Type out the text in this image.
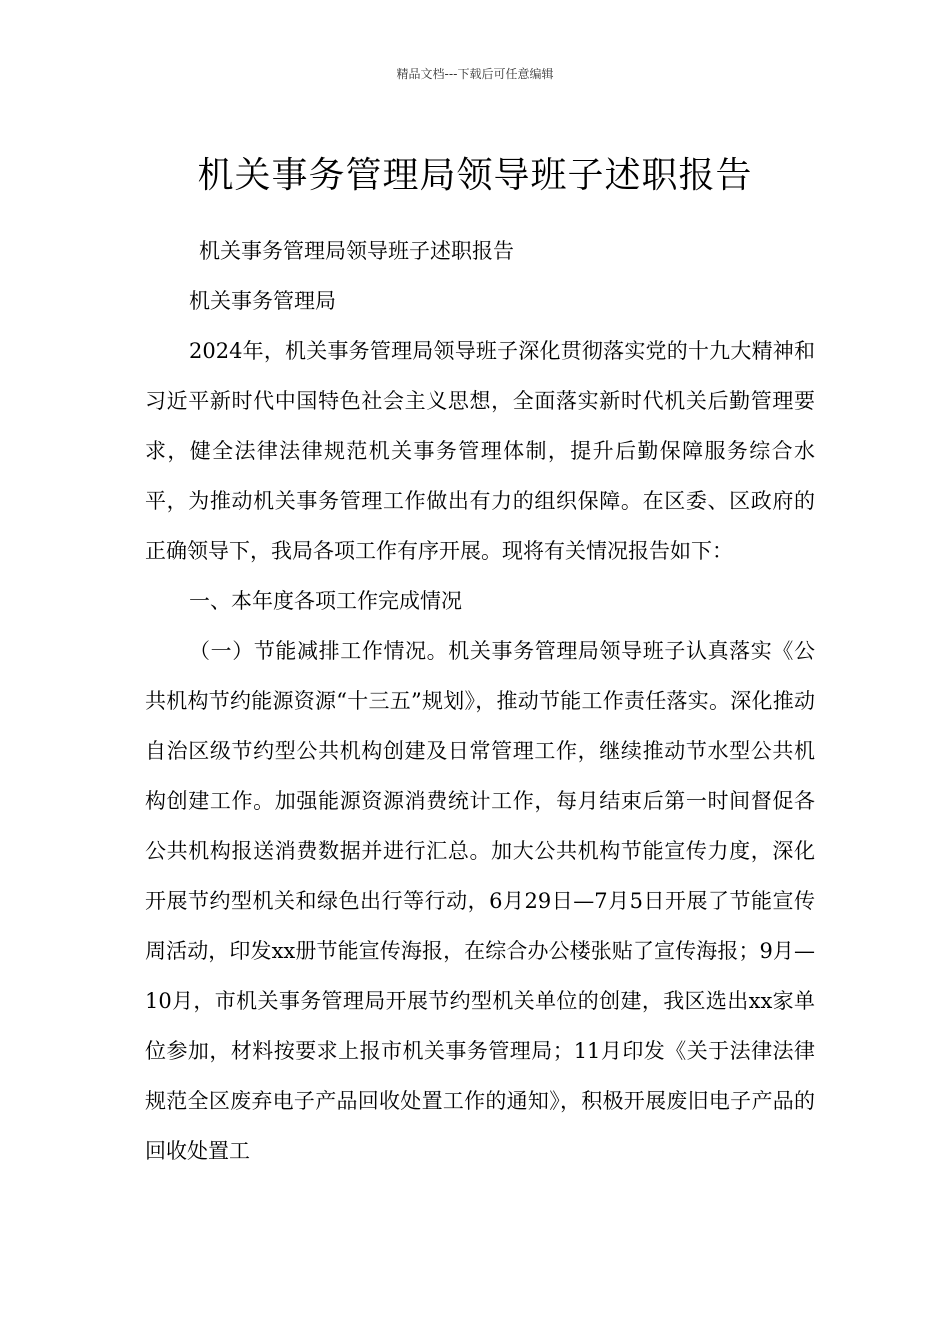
精品文档---下载后可任意编辑
机关事务管理局领导班子述职报告

机关事务管理局领导班子述职报告

机关事务管理局

2024年，机关事务管理局领导班子深化贯彻落实党的十九大精神和习近平新时代中国特色社会主义思想，全面落实新时代机关后勤管理要求，健全法律法律规范机关事务管理体制，提升后勤保障服务综合水平，为推动机关事务管理工作做出有力的组织保障。在区委、区政府的正确领导下，我局各项工作有序开展。现将有关情况报告如下：

一、本年度各项工作完成情况

（一）节能减排工作情况。机关事务管理局领导班子认真落实《公共机构节约能源资源“十三五”规划》，推动节能工作责任落实。深化推动自治区级节约型公共机构创建及日常管理工作，继续推动节水型公共机构创建工作。加强能源资源消费统计工作，每月结束后第一时间督促各公共机构报送消费数据并进行汇总。加大公共机构节能宣传力度，深化开展节约型机关和绿色出行等行动，6月29日—7月5日开展了节能宣传周活动，印发xx册节能宣传海报，在综合办公楼张贴了宣传海报；9月—10月，市机关事务管理局开展节约型机关单位的创建，我区选出xx家单位参加，材料按要求上报市机关事务管理局；11月印发《关于法律法律规范全区废弃电子产品回收处置工作的通知》，积极开展废旧电子产品的回收处置工
